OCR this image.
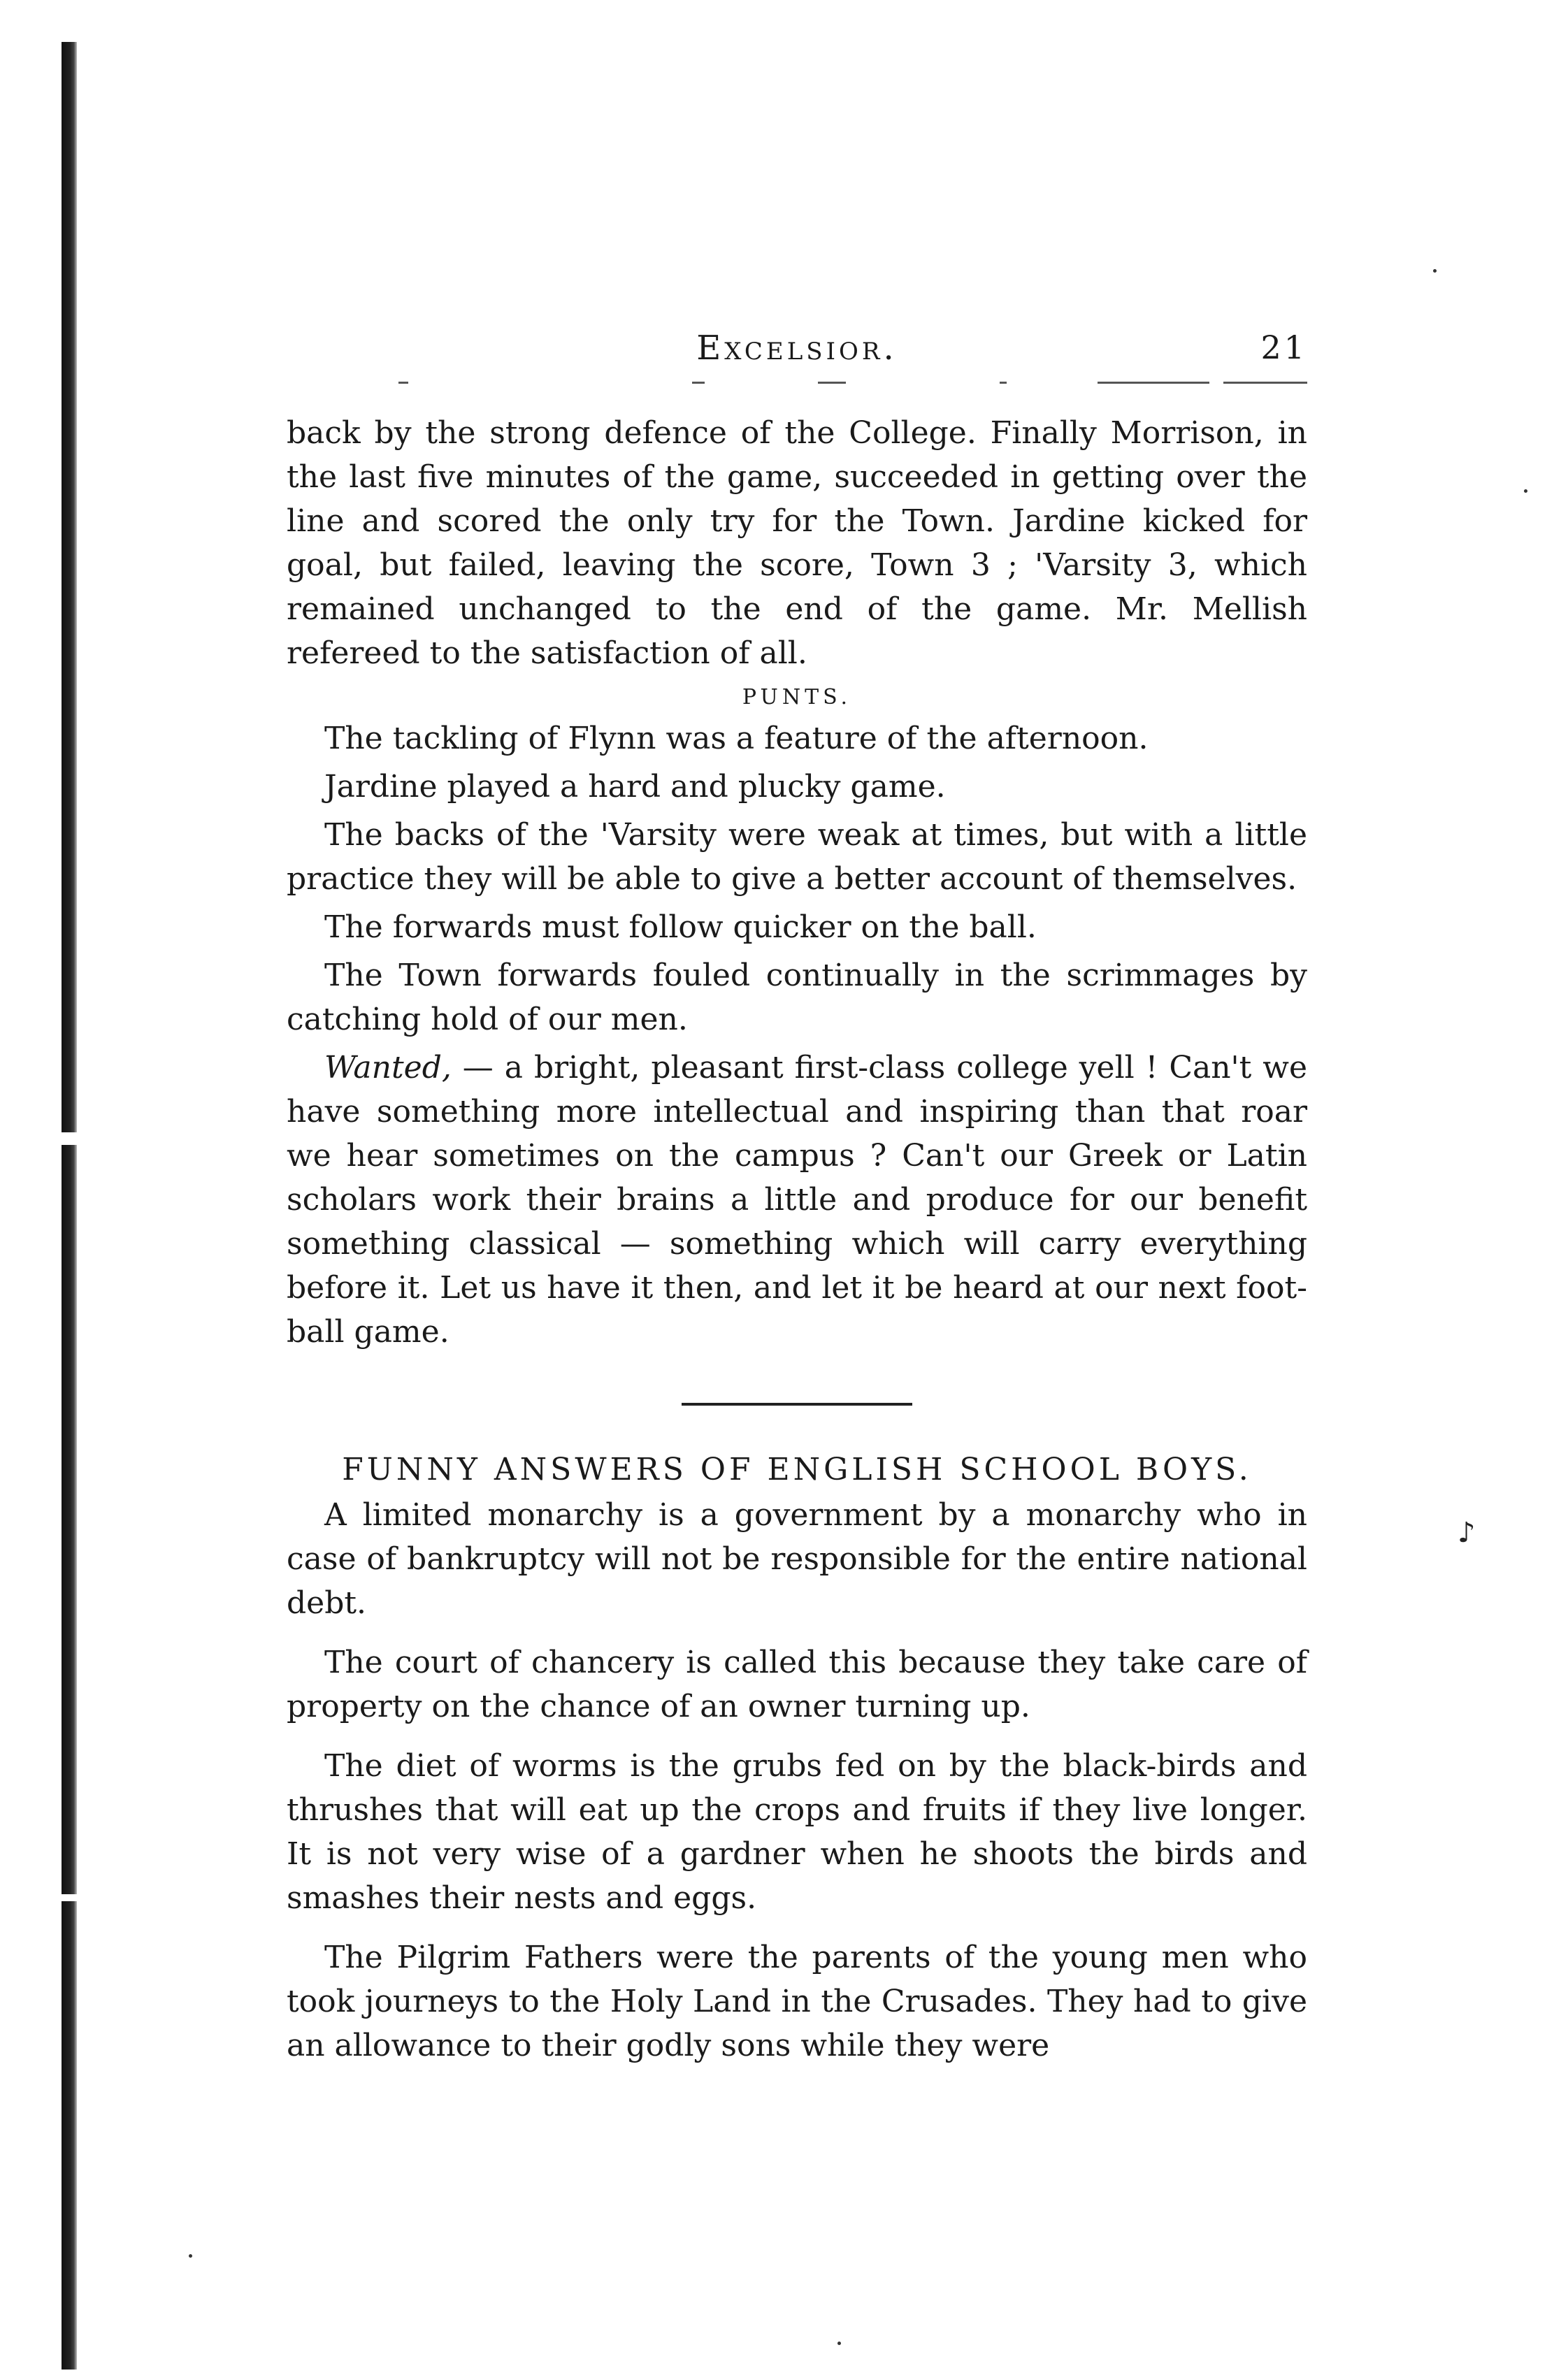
♪
Excelsior.	21

back by the strong defence of the College. Finally Morrison, in the last five minutes of the game, succeeded in getting over the line and scored the only try for the Town. Jardine kicked for goal, but failed, leaving the score, Town 3 ; 'Varsity 3, which remained unchanged to the end of the game. Mr. Mellish refereed to the satisfaction of all.

PUNTS.

The tackling of Flynn was a feature of the afternoon.

Jardine played a hard and plucky game.

The backs of the 'Varsity were weak at times, but with a little practice they will be able to give a better account of themselves.

The forwards must follow quicker on the ball.

The Town forwards fouled continually in the scrimmages by catching hold of our men.

Wanted, — a bright, pleasant first-class college yell ! Can't we have something more intellectual and inspiring than that roar we hear sometimes on the campus ? Can't our Greek or Latin scholars work their brains a little and produce for our benefit something classical — something which will carry everything before it. Let us have it then, and let it be heard at our next foot-ball game.

FUNNY ANSWERS OF ENGLISH SCHOOL BOYS.

A limited monarchy is a government by a monarchy who in case of bankruptcy will not be responsible for the entire national debt.

The court of chancery is called this because they take care of property on the chance of an owner turning up.

The diet of worms is the grubs fed on by the black-birds and thrushes that will eat up the crops and fruits if they live longer. It is not very wise of a gardner when he shoots the birds and smashes their nests and eggs.

The Pilgrim Fathers were the parents of the young men who took journeys to the Holy Land in the Crusades. They had to give an allowance to their godly sons while they were
